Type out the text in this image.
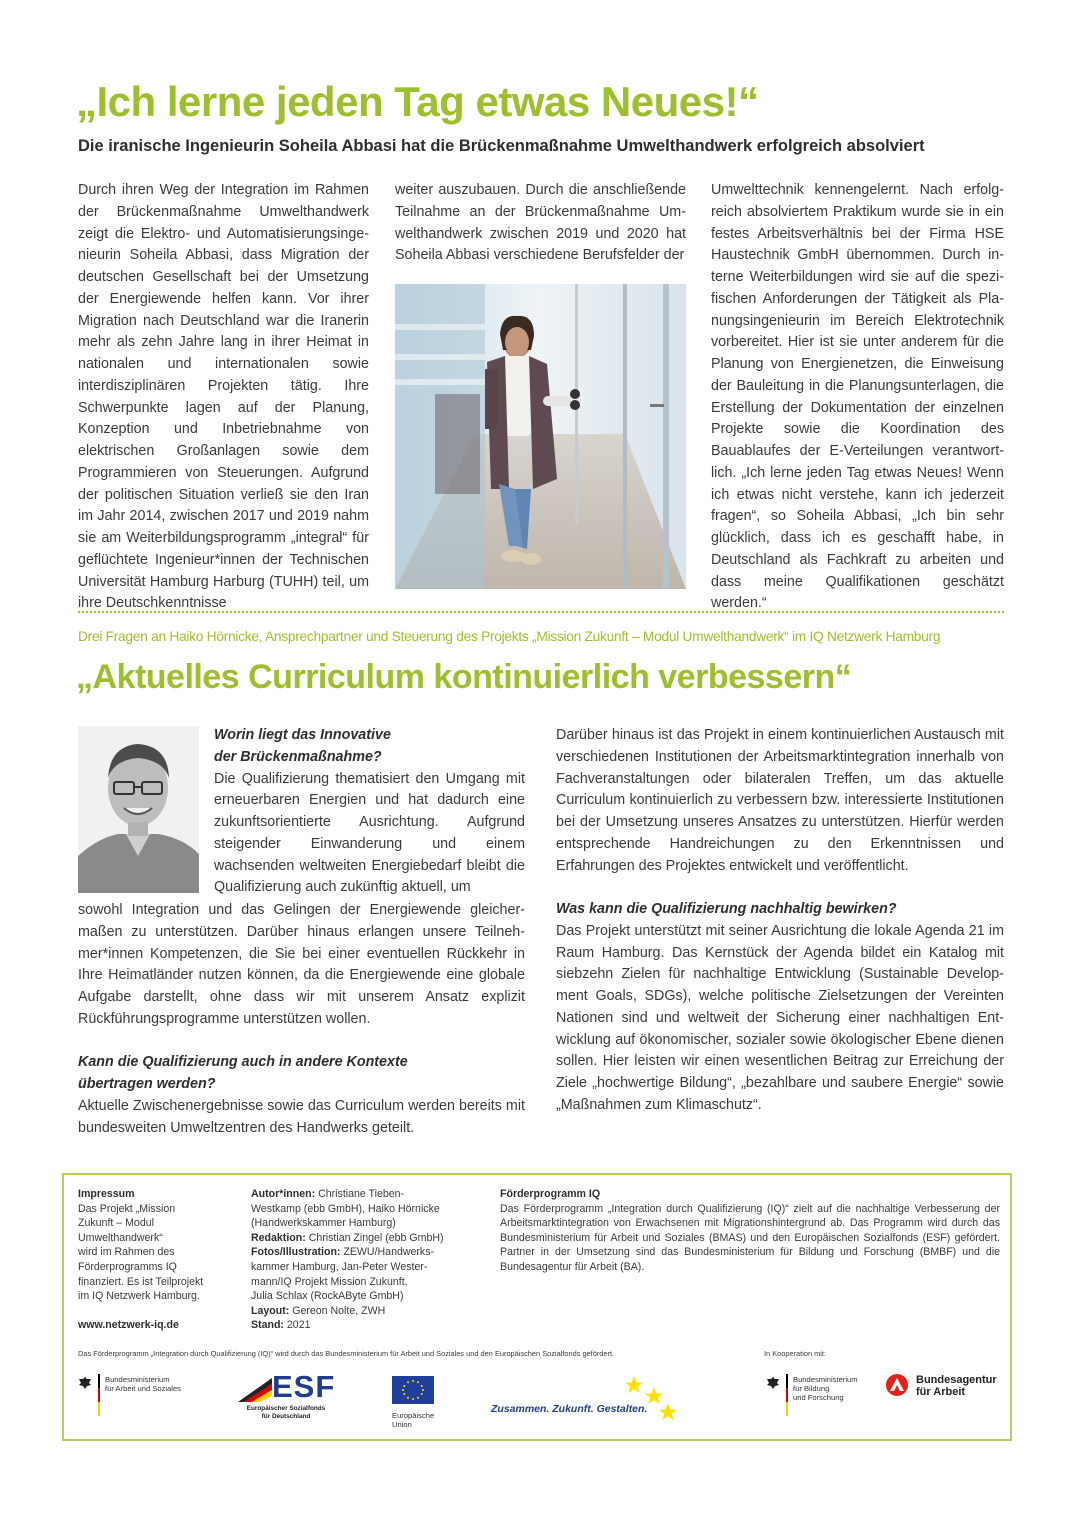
„Ich lerne jeden Tag etwas Neues!“
Die iranische Ingenieurin Soheila Abbasi hat die Brückenmaßnahme Umwelthandwerk erfolgreich absolviert
Durch ihren Weg der Integration im Rahmen der Brückenmaßnahme Umwelthandwerk zeigt die Elektro- und Automatisierungsingenieurin Soheila Abbasi, dass Migration der deutschen Gesellschaft bei der Umsetzung der Energiewende helfen kann. Vor ihrer Migration nach Deutschland war die Iranerin mehr als zehn Jahre lang in ihrer Heimat in nationalen und internationalen sowie interdisziplinären Projekten tätig. Ihre Schwerpunkte lagen auf der Planung, Konzeption und Inbetriebnahme von elektrischen Großanlagen sowie dem Programmieren von Steuerungen. Aufgrund der politischen Situation verließ sie den Iran im Jahr 2014, zwischen 2017 und 2019 nahm sie am Weiterbildungsprogramm „integral“ für geflüchtete Ingenieur*innen der Technischen Universität Hamburg Harburg (TUHH) teil, um ihre Deutschkenntnisse
weiter auszubauen. Durch die anschließende Teilnahme an der Brückenmaßnahme Umwelthandwerk zwischen 2019 und 2020 hat Soheila Abbasi verschiedene Berufsfelder der
Umwelttechnik kennengelernt. Nach erfolgreich absolviertem Praktikum wurde sie in ein festes Arbeitsverhältnis bei der Firma HSE Haustechnik GmbH übernommen. Durch interne Weiterbildungen wird sie auf die spezifischen Anforderungen der Tätigkeit als Planungsingenieurin im Bereich Elektrotechnik vorbereitet. Hier ist sie unter anderem für die Planung von Energienetzen, die Einweisung der Bauleitung in die Planungsunterlagen, die Erstellung der Dokumentation der einzelnen Projekte sowie die Koordination des Bauablaufes der E-Verteilungen verantwortlich. „Ich lerne jeden Tag etwas Neues! Wenn ich etwas nicht verstehe, kann ich jederzeit fragen“, so Soheila Abbasi, „Ich bin sehr glücklich, dass ich es geschafft habe, in Deutschland als Fachkraft zu arbeiten und dass meine Qualifikationen geschätzt werden.“
Drei Fragen an Haiko Hörnicke, Ansprechpartner und Steuerung des Projekts „Mission Zukunft – Modul Umwelthandwerk“ im IQ Netzwerk Hamburg
„Aktuelles Curriculum kontinuierlich verbessern“
Worin liegt das Innovative
der Brückenmaßnahme?
Die Qualifizierung thematisiert den Umgang mit erneuerbaren Energien und hat dadurch eine zukunftsorientierte Ausrichtung. Aufgrund steigender Einwanderung und einem wachsenden weltweiten Energiebedarf bleibt die Qualifizierung auch zukünftig aktuell, um
sowohl Integration und das Gelingen der Energiewende gleichermaßen zu unterstützen. Darüber hinaus erlangen unsere Teilnehmer*innen Kompetenzen, die Sie bei einer eventuellen Rückkehr in Ihre Heimatländer nutzen können, da die Energiewende eine globale Aufgabe darstellt, ohne dass wir mit unserem Ansatz explizit Rückführungsprogramme unterstützen wollen.
Kann die Qualifizierung auch in andere Kontexte
übertragen werden?
Aktuelle Zwischenergebnisse sowie das Curriculum werden bereits mit bundesweiten Umweltzentren des Handwerks geteilt.
Darüber hinaus ist das Projekt in einem kontinuierlichen Austausch mit verschiedenen Institutionen der Arbeitsmarktintegration innerhalb von Fachveranstaltungen oder bilateralen Treffen, um das aktuelle Curriculum kontinuierlich zu verbessern bzw. interessierte Institutionen bei der Umsetzung unseres Ansatzes zu unterstützen. Hierfür werden entsprechende Handreichungen zu den Erkenntnissen und Erfahrungen des Projektes entwickelt und veröffentlicht.
Was kann die Qualifizierung nachhaltig bewirken?
Das Projekt unterstützt mit seiner Ausrichtung die lokale Agenda 21 im Raum Hamburg. Das Kernstück der Agenda bildet ein Katalog mit siebzehn Zielen für nachhaltige Entwicklung (Sustainable Development Goals, SDGs), welche politische Zielsetzungen der Vereinten Nationen sind und weltweit der Sicherung einer nachhaltigen Entwicklung auf ökonomischer, sozialer sowie ökologischer Ebene dienen sollen. Hier leisten wir einen wesentlichen Beitrag zur Erreichung der Ziele „hochwertige Bildung“, „bezahlbare und saubere Energie“ sowie „Maßnahmen zum Klimaschutz“.
Impressum
Das Projekt „Mission
Zukunft – Modul
Umwelthandwerk“
wird im Rahmen des
Förderprogramms IQ
finanziert. Es ist Teilprojekt
im IQ Netzwerk Hamburg.
www.netzwerk-iq.de
Autor*innen: Christiane Tieben-
Westkamp (ebb GmbH), Haiko Hörnicke
(Handwerkskammer Hamburg)
Redaktion: Christian Zingel (ebb GmbH)
Fotos/Illustration: ZEWU/Handwerks-
kammer Hamburg, Jan-Peter Wester-
mann/IQ Projekt Mission Zukunft,
Julia Schlax (RockAByte GmbH)
Layout: Gereon Nolte, ZWH
Stand: 2021
Förderprogramm IQ
Das Förderprogramm „Integration durch Qualifizierung (IQ)“ zielt auf die nachhaltige Verbesserung der Arbeitsmarktintegration von Erwachsenen mit Migrationshintergrund ab. Das Programm wird durch das Bundesministerium für Arbeit und Soziales (BMAS) und den Europäischen Sozialfonds (ESF) gefördert. Partner in der Umsetzung sind das Bundesministerium für Bildung und Forschung (BMBF) und die Bundesagentur für Arbeit (BA).
Das Förderprogramm „Integration durch Qualifizierung (IQ)“ wird durch das Bundesministerium für Arbeit und Soziales und den Europäischen Sozialfonds gefördert.	In Kooperation mit:
Bundesministerium
für Arbeit und Soziales	ESF
Europäischer Sozialfonds
für Deutschland	Europäische
Union
Zusammen. Zukunft. Gestalten.
Bundesministerium
für Bildung
und Forschung
Bundesagentur
für Arbeit
